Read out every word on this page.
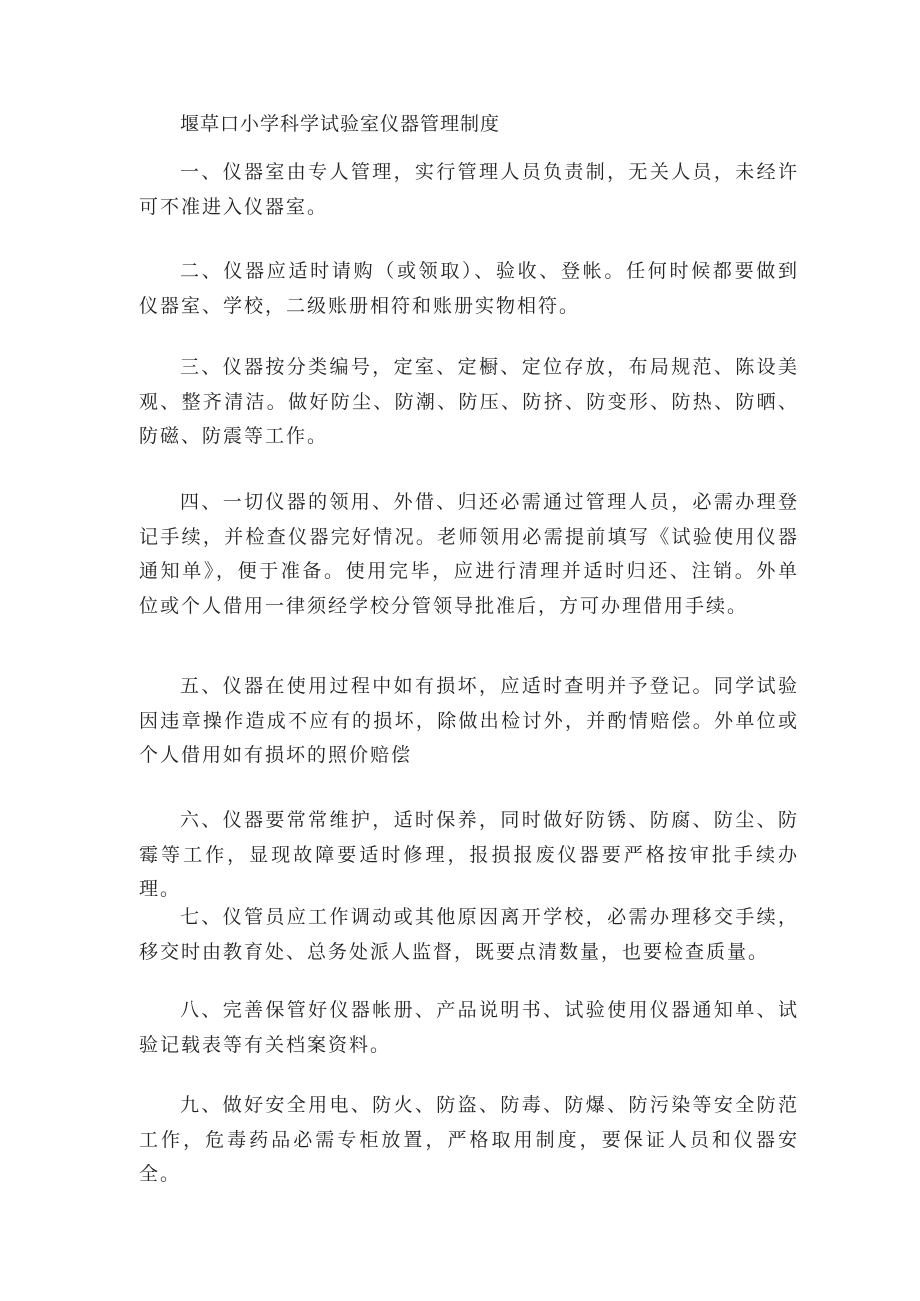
堰草口小学科学试验室仪器管理制度

一、仪器室由专人管理，实行管理人员负责制，无关人员，未经许可不准进入仪器室。

二、仪器应适时请购（或领取）、验收、登帐。任何时候都要做到仪器室、学校，二级账册相符和账册实物相符。

三、仪器按分类编号，定室、定橱、定位存放，布局规范、陈设美观、整齐清洁。做好防尘、防潮、防压、防挤、防变形、防热、防晒、防磁、防震等工作。

四、一切仪器的领用、外借、归还必需通过管理人员，必需办理登记手续，并检查仪器完好情况。老师领用必需提前填写《试验使用仪器通知单》，便于准备。使用完毕，应进行清理并适时归还、注销。外单位或个人借用一律须经学校分管领导批准后，方可办理借用手续。

五、仪器在使用过程中如有损坏，应适时查明并予登记。同学试验因违章操作造成不应有的损坏，除做出检讨外，并酌情赔偿。外单位或个人借用如有损坏的照价赔偿

六、仪器要常常维护，适时保养，同时做好防锈、防腐、防尘、防霉等工作，显现故障要适时修理，报损报废仪器要严格按审批手续办理。

七、仪管员应工作调动或其他原因离开学校，必需办理移交手续，移交时由教育处、总务处派人监督，既要点清数量，也要检查质量。

八、完善保管好仪器帐册、产品说明书、试验使用仪器通知单、试验记载表等有关档案资料。

九、做好安全用电、防火、防盗、防毒、防爆、防污染等安全防范工作，危毒药品必需专柜放置，严格取用制度，要保证人员和仪器安全。
